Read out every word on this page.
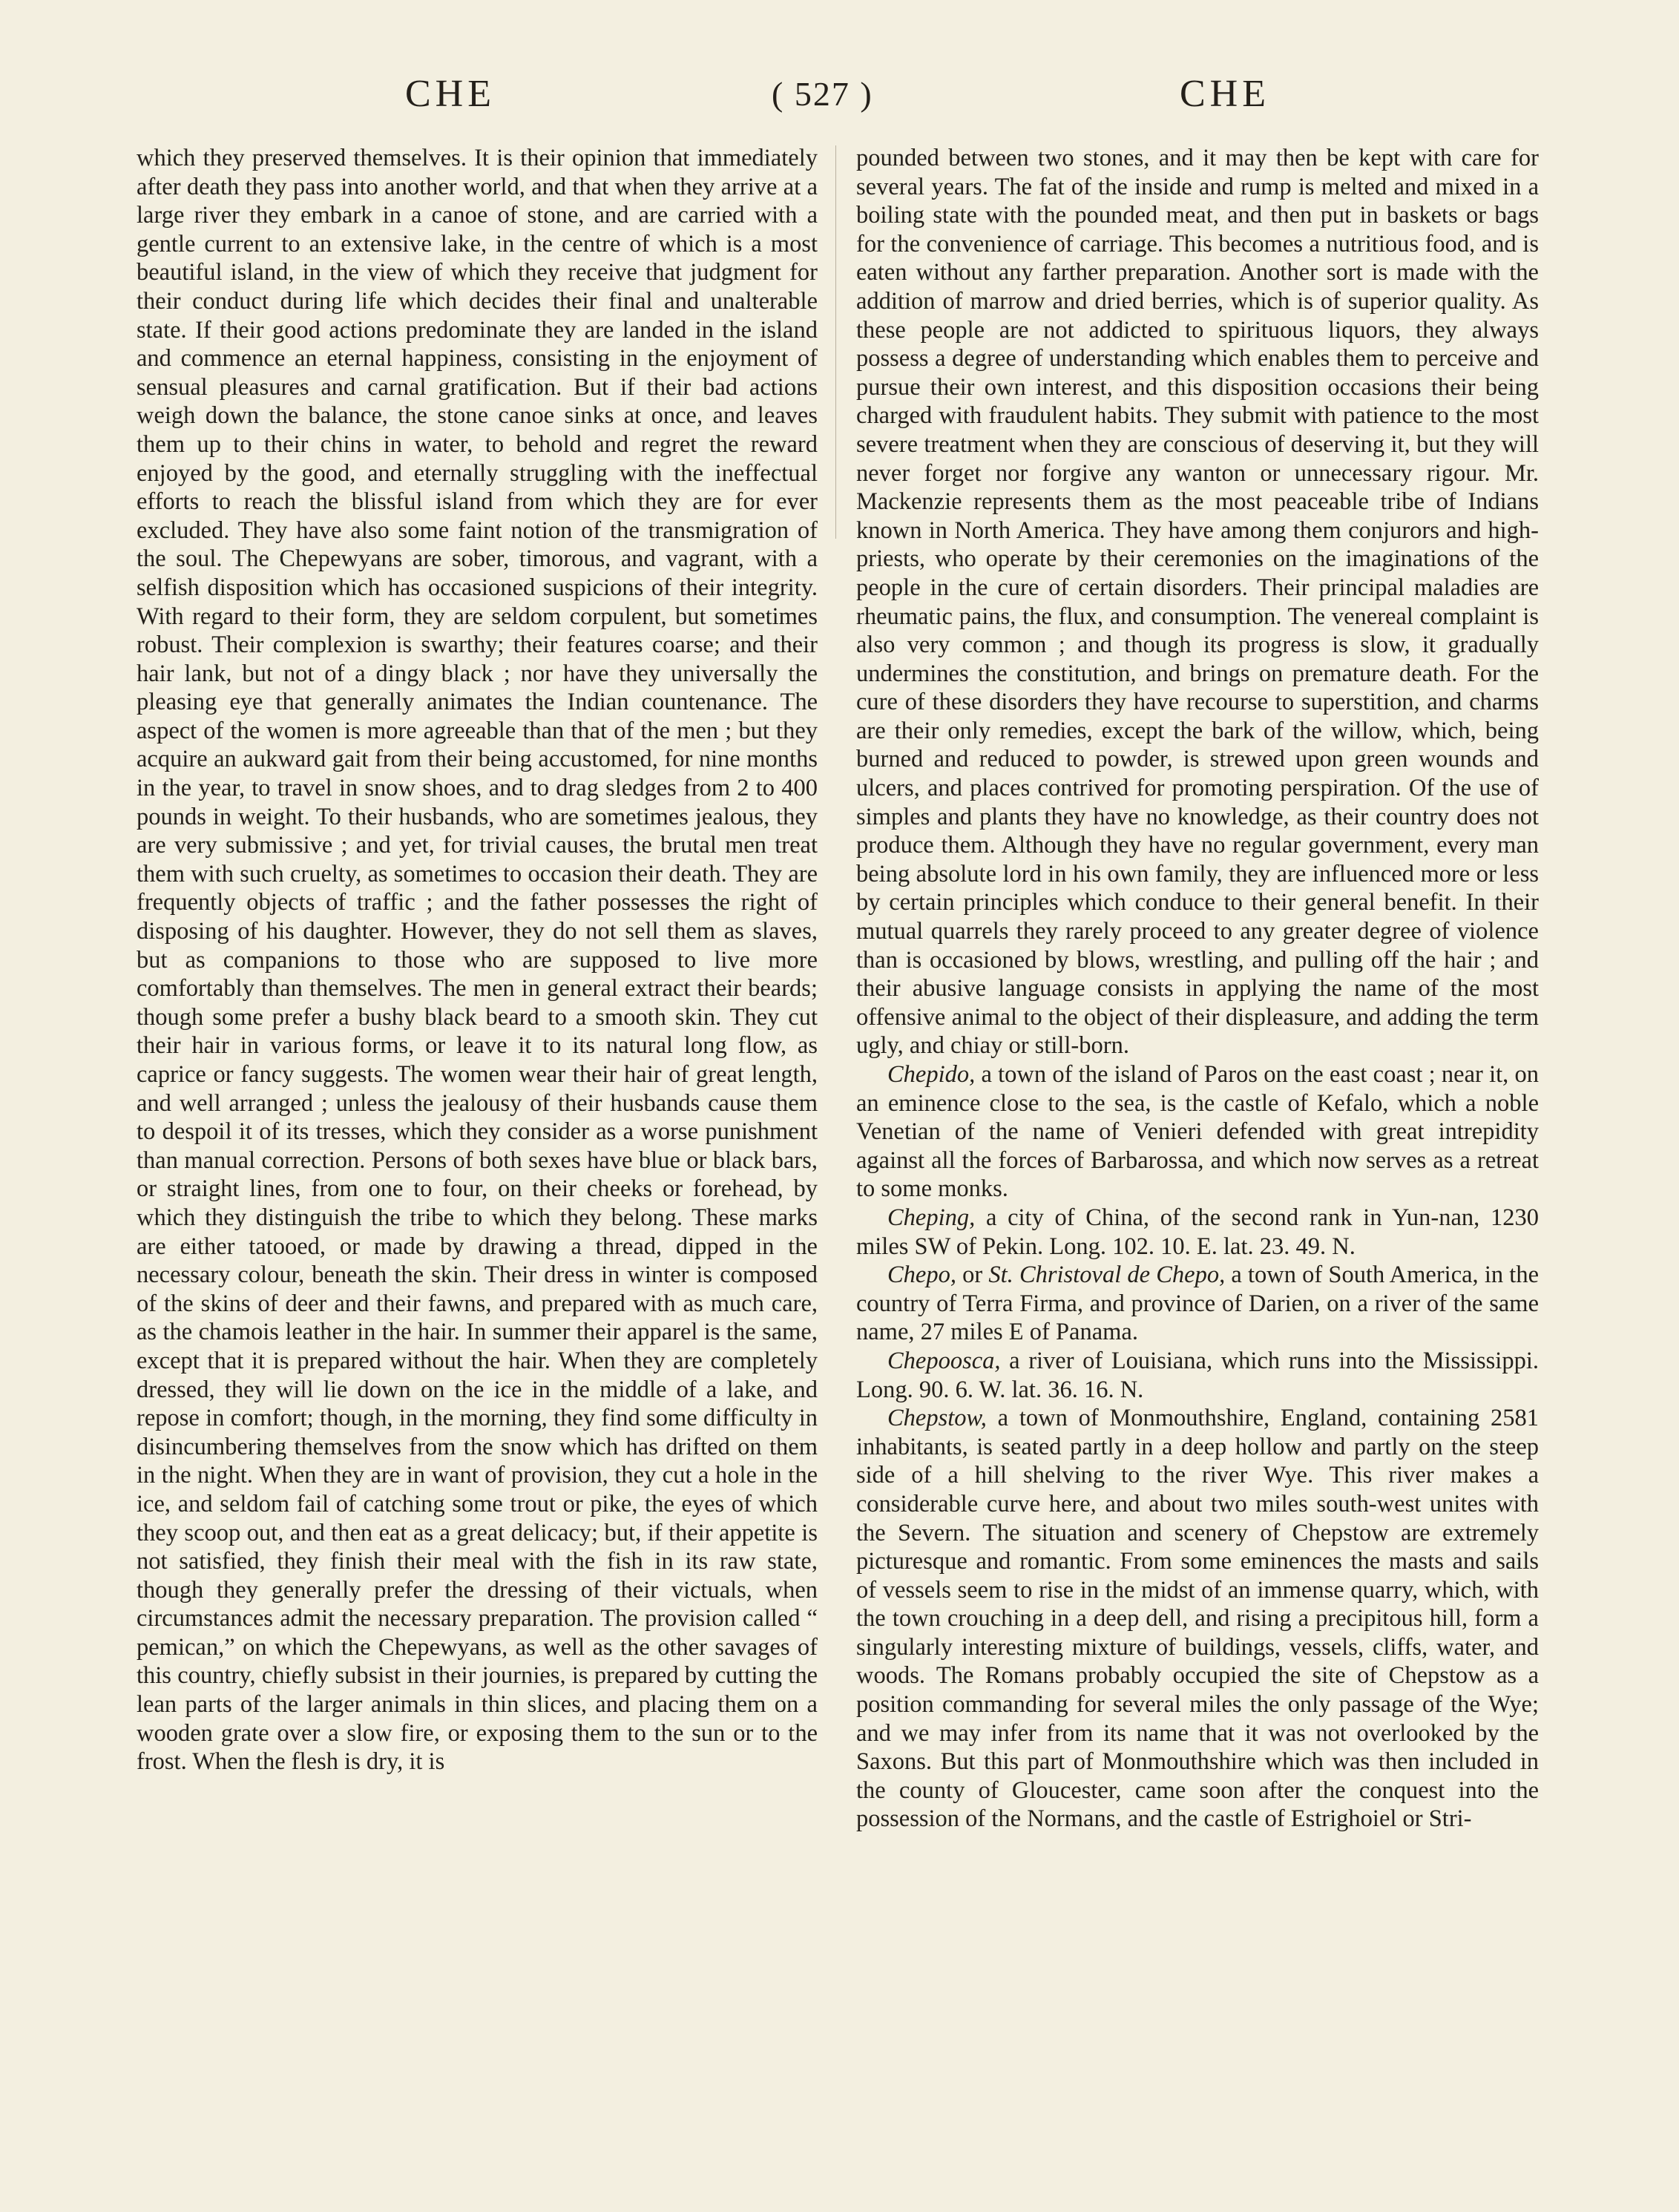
CHE	( 527 )	CHE

which they preserved themselves. It is their opinion that immediately after death they pass into another world, and that when they arrive at a large river they embark in a canoe of stone, and are carried with a gentle current to an extensive lake, in the centre of which is a most beautiful island, in the view of which they receive that judgment for their conduct during life which decides their final and unalterable state. If their good actions predominate they are landed in the island and commence an eternal happiness, consisting in the enjoyment of sensual pleasures and carnal gratification. But if their bad actions weigh down the balance, the stone canoe sinks at once, and leaves them up to their chins in water, to behold and regret the reward enjoyed by the good, and eternally struggling with the ineffectual efforts to reach the blissful island from which they are for ever excluded. They have also some faint notion of the transmigration of the soul. The Chepewyans are sober, timorous, and vagrant, with a selfish disposition which has occasioned suspicions of their integrity. With regard to their form, they are seldom corpulent, but sometimes robust. Their complexion is swarthy; their features coarse; and their hair lank, but not of a dingy black ; nor have they universally the pleasing eye that generally animates the Indian countenance. The aspect of the women is more agreeable than that of the men ; but they acquire an aukward gait from their being accustomed, for nine months in the year, to travel in snow shoes, and to drag sledges from 2 to 400 pounds in weight. To their husbands, who are sometimes jealous, they are very submissive ; and yet, for trivial causes, the brutal men treat them with such cruelty, as sometimes to occasion their death. They are frequently objects of traffic ; and the father possesses the right of disposing of his daughter. However, they do not sell them as slaves, but as companions to those who are supposed to live more comfortably than themselves. The men in general extract their beards; though some prefer a bushy black beard to a smooth skin. They cut their hair in various forms, or leave it to its natural long flow, as caprice or fancy suggests. The women wear their hair of great length, and well arranged ; unless the jealousy of their husbands cause them to despoil it of its tresses, which they consider as a worse punishment than manual correction. Persons of both sexes have blue or black bars, or straight lines, from one to four, on their cheeks or forehead, by which they distinguish the tribe to which they belong. These marks are either tatooed, or made by drawing a thread, dipped in the necessary colour, beneath the skin. Their dress in winter is composed of the skins of deer and their fawns, and prepared with as much care, as the chamois leather in the hair. In summer their apparel is the same, except that it is prepared without the hair. When they are completely dressed, they will lie down on the ice in the middle of a lake, and repose in comfort; though, in the morning, they find some difficulty in disincumbering themselves from the snow which has drifted on them in the night. When they are in want of provision, they cut a hole in the ice, and seldom fail of catching some trout or pike, the eyes of which they scoop out, and then eat as a great delicacy; but, if their appetite is not satisfied, they finish their meal with the fish in its raw state, though they generally prefer the dressing of their victuals, when circumstances admit the necessary preparation. The provision called “ pemican,” on which the Chepewyans, as well as the other savages of this country, chiefly subsist in their journies, is prepared by cutting the lean parts of the larger animals in thin slices, and placing them on a wooden grate over a slow fire, or exposing them to the sun or to the frost. When the flesh is dry, it is

pounded between two stones, and it may then be kept with care for several years. The fat of the inside and rump is melted and mixed in a boiling state with the pounded meat, and then put in baskets or bags for the convenience of carriage. This becomes a nutritious food, and is eaten without any farther preparation. Another sort is made with the addition of marrow and dried berries, which is of superior quality. As these people are not addicted to spirituous liquors, they always possess a degree of understanding which enables them to perceive and pursue their own interest, and this disposition occasions their being charged with fraudulent habits. They submit with patience to the most severe treatment when they are conscious of deserving it, but they will never forget nor forgive any wanton or unnecessary rigour. Mr. Mackenzie represents them as the most peaceable tribe of Indians known in North America. They have among them conjurors and high-priests, who operate by their ceremonies on the imaginations of the people in the cure of certain disorders. Their principal maladies are rheumatic pains, the flux, and consumption. The venereal complaint is also very common ; and though its progress is slow, it gradually undermines the constitution, and brings on premature death. For the cure of these disorders they have recourse to superstition, and charms are their only remedies, except the bark of the willow, which, being burned and reduced to powder, is strewed upon green wounds and ulcers, and places contrived for promoting perspiration. Of the use of simples and plants they have no knowledge, as their country does not produce them. Although they have no regular government, every man being absolute lord in his own family, they are influenced more or less by certain principles which conduce to their general benefit. In their mutual quarrels they rarely proceed to any greater degree of violence than is occasioned by blows, wrestling, and pulling off the hair ; and their abusive language consists in applying the name of the most offensive animal to the object of their displeasure, and adding the term ugly, and chiay or still-born.

Chepido, a town of the island of Paros on the east coast ; near it, on an eminence close to the sea, is the castle of Kefalo, which a noble Venetian of the name of Venieri defended with great intrepidity against all the forces of Barbarossa, and which now serves as a retreat to some monks.

Cheping, a city of China, of the second rank in Yun-nan, 1230 miles SW of Pekin. Long. 102. 10. E. lat. 23. 49. N.

Chepo, or St. Christoval de Chepo, a town of South America, in the country of Terra Firma, and province of Darien, on a river of the same name, 27 miles E of Panama.

Chepoosca, a river of Louisiana, which runs into the Mississippi. Long. 90. 6. W. lat. 36. 16. N.

Chepstow, a town of Monmouthshire, England, containing 2581 inhabitants, is seated partly in a deep hollow and partly on the steep side of a hill shelving to the river Wye. This river makes a considerable curve here, and about two miles south-west unites with the Severn. The situation and scenery of Chepstow are extremely picturesque and romantic. From some eminences the masts and sails of vessels seem to rise in the midst of an immense quarry, which, with the town crouching in a deep dell, and rising a precipitous hill, form a singularly interesting mixture of buildings, vessels, cliffs, water, and woods. The Romans probably occupied the site of Chepstow as a position commanding for several miles the only passage of the Wye; and we may infer from its name that it was not overlooked by the Saxons. But this part of Monmouthshire which was then included in the county of Gloucester, came soon after the conquest into the possession of the Normans, and the castle of Estrighoiel or Stri-
